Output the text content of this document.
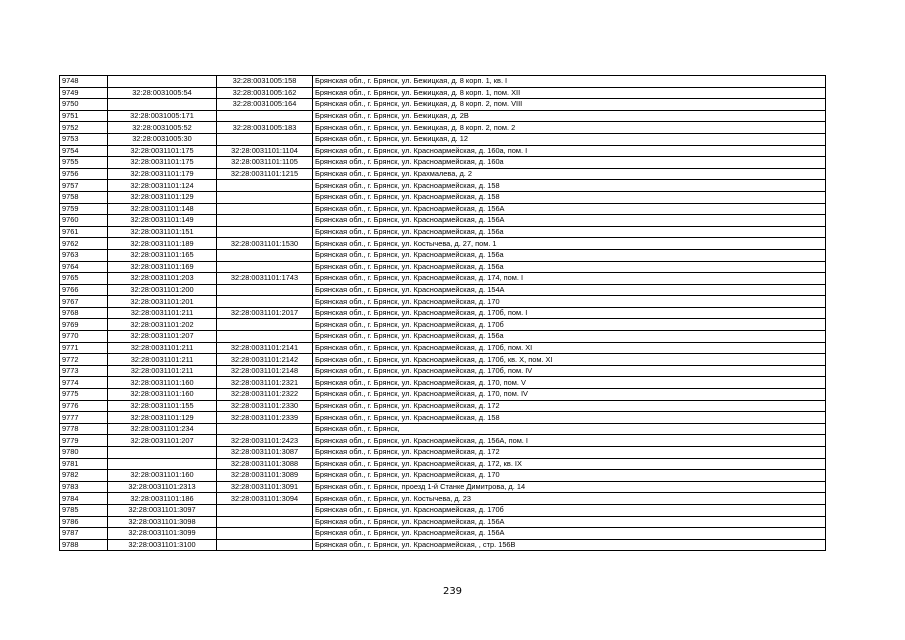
9748		32:28:0031005:158	Брянская обл., г. Брянск, ул. Бежицкая, д. 8 корп. 1, кв. I
9749	32:28:0031005:54	32:28:0031005:162	Брянская обл., г. Брянск, ул. Бежицкая, д. 8 корп. 1, пом. XII
9750		32:28:0031005:164	Брянская обл., г. Брянск, ул. Бежицкая, д. 8 корп. 2, пом. VIII
9751	32:28:0031005:171		Брянская обл., г. Брянск, ул. Бежицкая, д. 2В
9752	32:28:0031005:52	32:28:0031005:183	Брянская обл., г. Брянск, ул. Бежицкая, д. 8 корп. 2, пом. 2
9753	32:28:0031005:30		Брянская обл., г. Брянск, ул. Бежицкая, д. 12
9754	32:28:0031101:175	32:28:0031101:1104	Брянская обл., г. Брянск, ул. Красноармейская, д. 160а, пом. I
9755	32:28:0031101:175	32:28:0031101:1105	Брянская обл., г. Брянск, ул. Красноармейская, д. 160а
9756	32:28:0031101:179	32:28:0031101:1215	Брянская обл., г. Брянск, ул. Крахмалева, д. 2
9757	32:28:0031101:124		Брянская обл., г. Брянск, ул. Красноармейская, д. 158
9758	32:28:0031101:129		Брянская обл., г. Брянск, ул. Красноармейская, д. 158
9759	32:28:0031101:148		Брянская обл., г. Брянск, ул. Красноармейская, д. 156А
9760	32:28:0031101:149		Брянская обл., г. Брянск, ул. Красноармейская, д. 156А
9761	32:28:0031101:151		Брянская обл., г. Брянск, ул. Красноармейская, д. 156а
9762	32:28:0031101:189	32:28:0031101:1530	Брянская обл., г. Брянск, ул. Костычева, д. 27, пом. 1
9763	32:28:0031101:165		Брянская обл., г. Брянск, ул. Красноармейская, д. 156а
9764	32:28:0031101:169		Брянская обл., г. Брянск, ул. Красноармейская, д. 156а
9765	32:28:0031101:203	32:28:0031101:1743	Брянская обл., г. Брянск, ул. Красноармейская, д. 174, пом. I
9766	32:28:0031101:200		Брянская обл., г. Брянск, ул. Красноармейская, д. 154А
9767	32:28:0031101:201		Брянская обл., г. Брянск, ул. Красноармейская, д. 170
9768	32:28:0031101:211	32:28:0031101:2017	Брянская обл., г. Брянск, ул. Красноармейская, д. 170б, пом. I
9769	32:28:0031101:202		Брянская обл., г. Брянск, ул. Красноармейская, д. 170б
9770	32:28:0031101:207		Брянская обл., г. Брянск, ул. Красноармейская, д. 156а
9771	32:28:0031101:211	32:28:0031101:2141	Брянская обл., г. Брянск, ул. Красноармейская, д. 170б, пом. XI
9772	32:28:0031101:211	32:28:0031101:2142	Брянская обл., г. Брянск, ул. Красноармейская, д. 170б, кв. X, пом. XI
9773	32:28:0031101:211	32:28:0031101:2148	Брянская обл., г. Брянск, ул. Красноармейская, д. 170б, пом. IV
9774	32:28:0031101:160	32:28:0031101:2321	Брянская обл., г. Брянск, ул. Красноармейская, д. 170, пом. V
9775	32:28:0031101:160	32:28:0031101:2322	Брянская обл., г. Брянск, ул. Красноармейская, д. 170, пом. IV
9776	32:28:0031101:155	32:28:0031101:2330	Брянская обл., г. Брянск, ул. Красноармейская, д. 172
9777	32:28:0031101:129	32:28:0031101:2339	Брянская обл., г. Брянск, ул. Красноармейская, д. 158
9778	32:28:0031101:234		Брянская обл., г. Брянск,
9779	32:28:0031101:207	32:28:0031101:2423	Брянская обл., г. Брянск, ул. Красноармейская, д. 156А, пом. I
9780		32:28:0031101:3087	Брянская обл., г. Брянск, ул. Красноармейская, д. 172
9781		32:28:0031101:3088	Брянская обл., г. Брянск, ул. Красноармейская, д. 172, кв. IX
9782	32:28:0031101:160	32:28:0031101:3089	Брянская обл., г. Брянск, ул. Красноармейская, д. 170
9783	32:28:0031101:2313	32:28:0031101:3091	Брянская обл., г. Брянск, проезд 1-й Станке Димитрова, д. 14
9784	32:28:0031101:186	32:28:0031101:3094	Брянская обл., г. Брянск, ул. Костычева, д. 23
9785	32:28:0031101:3097		Брянская обл., г. Брянск, ул. Красноармейская, д. 170б
9786	32:28:0031101:3098		Брянская обл., г. Брянск, ул. Красноармейская, д. 156А
9787	32:28:0031101:3099		Брянская обл., г. Брянск, ул. Красноармейская, д. 156А
9788	32:28:0031101:3100		Брянская обл., г. Брянск, ул. Красноармейская, , стр. 156В
239
